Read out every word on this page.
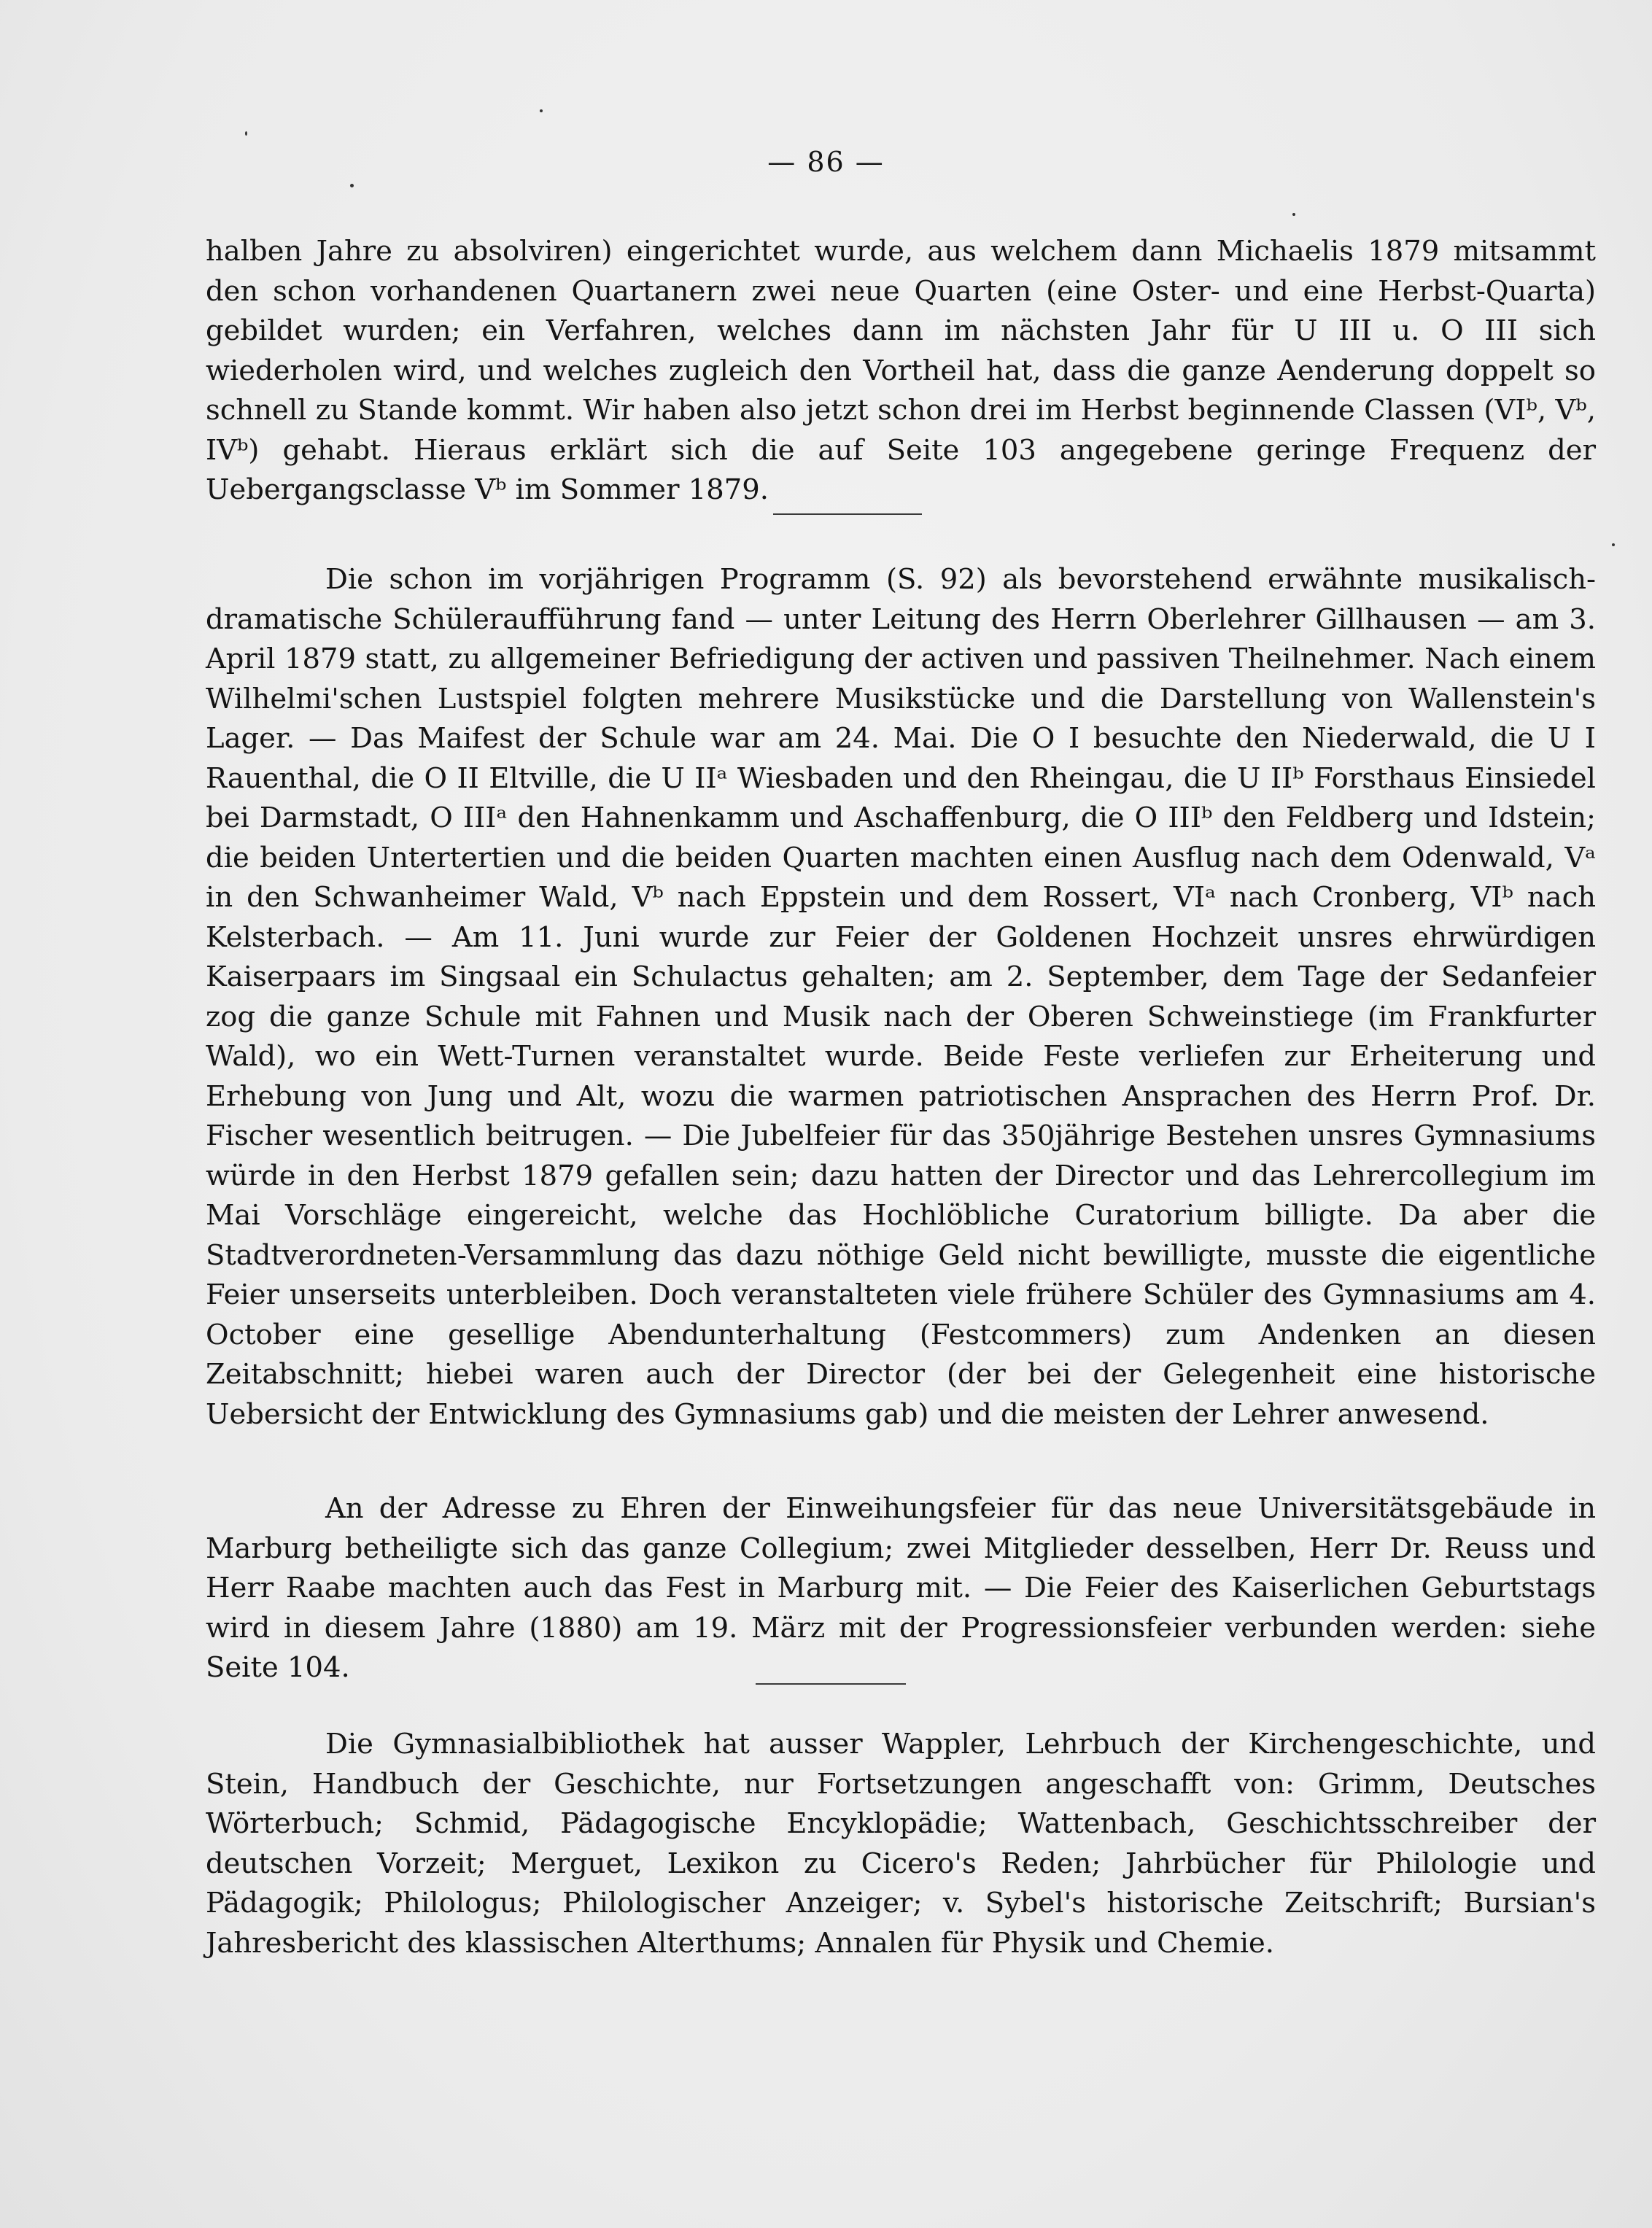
— 86 —

halben Jahre zu absolviren) eingerichtet wurde, aus welchem dann Michaelis 1879 mitsammt den schon vorhandenen Quartanern zwei neue Quarten (eine Oster- und eine Herbst-Quarta) gebildet wurden; ein Verfahren, welches dann im nächsten Jahr für U III u. O III sich wiederholen wird, und welches zugleich den Vortheil hat, dass die ganze Aenderung doppelt so schnell zu Stande kommt. Wir haben also jetzt schon drei im Herbst beginnende Classen (VIᵇ, Vᵇ, IVᵇ) gehabt. Hieraus erklärt sich die auf Seite 103 angegebene geringe Frequenz der Uebergangsclasse Vᵇ im Sommer 1879.

Die schon im vorjährigen Programm (S. 92) als bevorstehend erwähnte musikalisch-dramatische Schüleraufführung fand — unter Leitung des Herrn Oberlehrer Gillhausen — am 3. April 1879 statt, zu allgemeiner Befriedigung der activen und passiven Theilnehmer. Nach einem Wilhelmi'schen Lustspiel folgten mehrere Musikstücke und die Darstellung von Wallenstein's Lager. — Das Maifest der Schule war am 24. Mai. Die O I besuchte den Niederwald, die U I Rauenthal, die O II Eltville, die U IIᵃ Wiesbaden und den Rheingau, die U IIᵇ Forsthaus Einsiedel bei Darmstadt, O IIIᵃ den Hahnenkamm und Aschaffenburg, die O IIIᵇ den Feldberg und Idstein; die beiden Untertertien und die beiden Quarten machten einen Ausflug nach dem Odenwald, Vᵃ in den Schwanheimer Wald, Vᵇ nach Eppstein und dem Rossert, VIᵃ nach Cronberg, VIᵇ nach Kelsterbach. — Am 11. Juni wurde zur Feier der Goldenen Hochzeit unsres ehrwürdigen Kaiserpaars im Singsaal ein Schulactus gehalten; am 2. September, dem Tage der Sedanfeier zog die ganze Schule mit Fahnen und Musik nach der Oberen Schweinstiege (im Frankfurter Wald), wo ein Wett-Turnen veranstaltet wurde. Beide Feste verliefen zur Erheiterung und Erhebung von Jung und Alt, wozu die warmen patriotischen Ansprachen des Herrn Prof. Dr. Fischer wesentlich beitrugen. — Die Jubelfeier für das 350jährige Bestehen unsres Gymnasiums würde in den Herbst 1879 gefallen sein; dazu hatten der Director und das Lehrercollegium im Mai Vorschläge eingereicht, welche das Hochlöbliche Curatorium billigte. Da aber die Stadtverordneten-Versammlung das dazu nöthige Geld nicht bewilligte, musste die eigentliche Feier unserseits unterbleiben. Doch veranstalteten viele frühere Schüler des Gymnasiums am 4. October eine gesellige Abendunterhaltung (Festcommers) zum Andenken an diesen Zeitabschnitt; hiebei waren auch der Director (der bei der Gelegenheit eine historische Uebersicht der Entwicklung des Gymnasiums gab) und die meisten der Lehrer anwesend.

An der Adresse zu Ehren der Einweihungsfeier für das neue Universitätsgebäude in Marburg betheiligte sich das ganze Collegium; zwei Mitglieder desselben, Herr Dr. Reuss und Herr Raabe machten auch das Fest in Marburg mit. — Die Feier des Kaiserlichen Geburtstags wird in diesem Jahre (1880) am 19. März mit der Progressionsfeier verbunden werden: siehe Seite 104.

Die Gymnasialbibliothek hat ausser Wappler, Lehrbuch der Kirchengeschichte, und Stein, Handbuch der Geschichte, nur Fortsetzungen angeschafft von: Grimm, Deutsches Wörterbuch; Schmid, Pädagogische Encyklopädie; Wattenbach, Geschichtsschreiber der deutschen Vorzeit; Merguet, Lexikon zu Cicero's Reden; Jahrbücher für Philologie und Pädagogik; Philologus; Philologischer Anzeiger; v. Sybel's historische Zeitschrift; Bursian's Jahresbericht des klassischen Alterthums; Annalen für Physik und Chemie.
